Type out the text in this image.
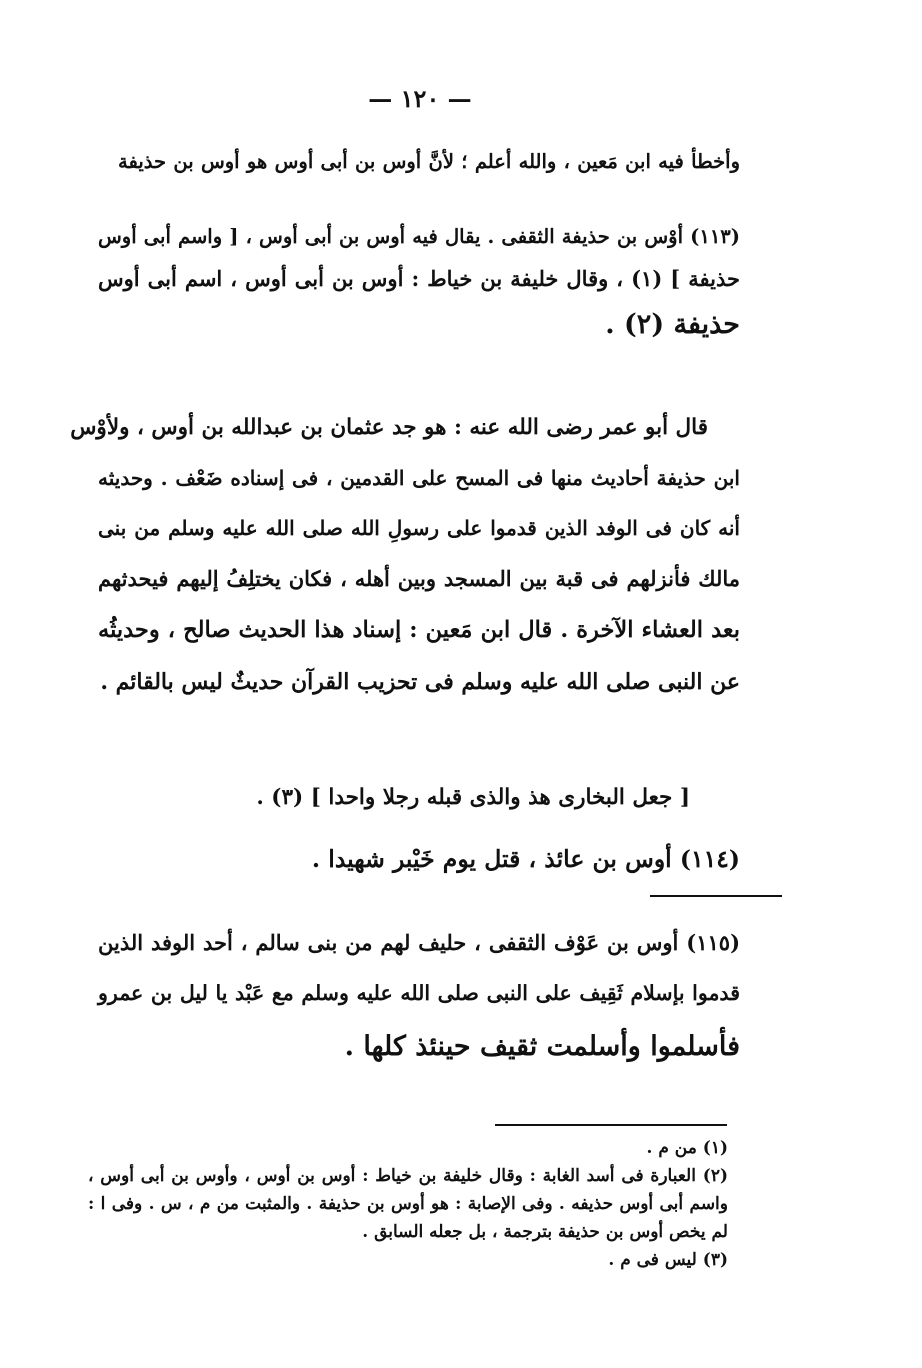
— ١٢٠ —
وأخطأ فيه ابن مَعين ، والله أعلم ؛ لأنَّ أوس بن أبى أوس هو أوس بن حذيفة
(١١٣) أوْس بن حذيفة الثقفى . يقال فيه أوس بن أبى أوس ، [ واسم أبى أوس
حذيفة ] (١) ، وقال خليفة بن خياط : أوس بن أبى أوس ، اسم أبى أوس
حذيفة (٢) .
قال أبو عمر رضى الله عنه : هو جد عثمان بن عبدالله بن أوس ، ولأوْس
ابن حذيفة أحاديث منها فى المسح على القدمين ، فى إسناده ضَعْف . وحديثه
أنه كان فى الوفد الذين قدموا على رسولِ الله صلى الله عليه وسلم من بنى
مالك فأنزلهم فى قبة بين المسجد وبين أهله ، فكان يختلِفُ إليهم فيحدثهم
بعد العشاء الآخرة . قال ابن مَعين : إسناد هذا الحديث صالح ، وحديثُه
عن النبى صلى الله عليه وسلم فى تحزيب القرآن حديثٌ ليس بالقائم .
[ جعل البخارى هذ والذى قبله رجلا واحدا ] (٣) .
(١١٤) أوس بن عائذ ، قتل يوم خَيْبر شهيدا .
(١١٥) أوس بن عَوْف الثقفى ، حليف لهم من بنى سالم ، أحد الوفد الذين
قدموا بإسلام ثَقِيف على النبى صلى الله عليه وسلم مع عَبْد يا ليل بن عمرو
فأسلموا وأسلمت ثقيف حينئذ كلها .
(١) من م .
(٢) العبارة فى أسد الغابة : وقال خليفة بن خياط : أوس بن أوس ، وأوس بن أبى أوس ،
واسم أبى أوس حذيفه . وفى الإصابة : هو أوس بن حذيفة . والمثبت من م ، س . وفى ا :
لم يخص أوس بن حذيفة بترجمة ، بل جعله السابق .
(٣) ليس فى م .
